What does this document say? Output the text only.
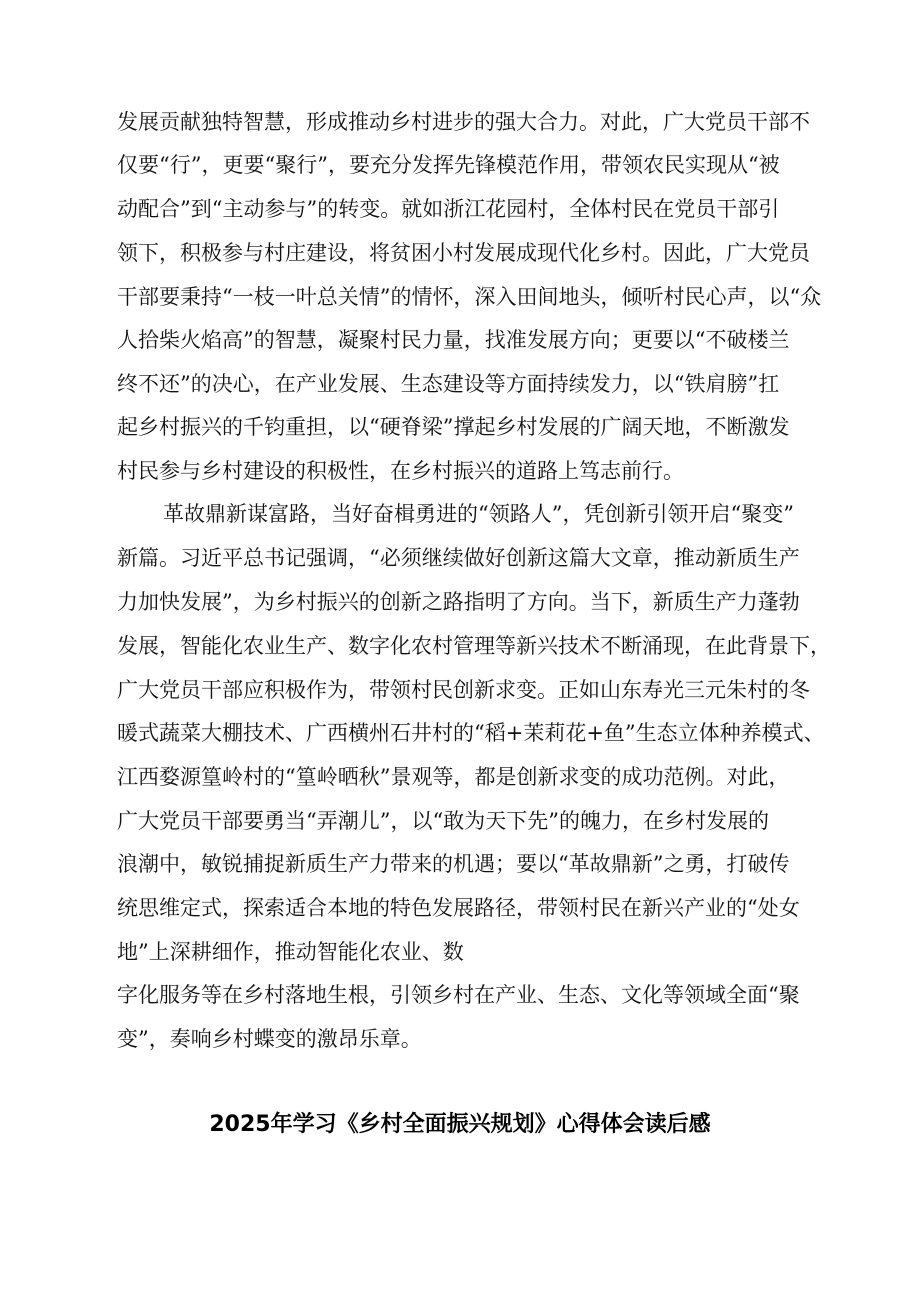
发展贡献独特智慧，形成推动乡村进步的强大合力。对此，广大党员干部不
仅要“行”，更要“聚行”，要充分发挥先锋模范作用，带领农民实现从“被
动配合”到“主动参与”的转变。就如浙江花园村，全体村民在党员干部引
领下，积极参与村庄建设，将贫困小村发展成现代化乡村。因此，广大党员
干部要秉持“一枝一叶总关情”的情怀，深入田间地头，倾听村民心声，以“众
人拾柴火焰高”的智慧，凝聚村民力量，找准发展方向；更要以“不破楼兰
终不还”的决心，在产业发展、生态建设等方面持续发力，以“铁肩膀”扛
起乡村振兴的千钧重担，以“硬脊梁”撑起乡村发展的广阔天地，不断激发
村民参与乡村建设的积极性，在乡村振兴的道路上笃志前行。
革故鼎新谋富路，当好奋楫勇进的“领路人”，凭创新引领开启“聚变”
新篇。习近平总书记强调，“必须继续做好创新这篇大文章，推动新质生产
力加快发展”，为乡村振兴的创新之路指明了方向。当下，新质生产力蓬勃
发展，智能化农业生产、数字化农村管理等新兴技术不断涌现，在此背景下，
广大党员干部应积极作为，带领村民创新求变。正如山东寿光三元朱村的冬
暖式蔬菜大棚技术、广西横州石井村的“稻+茉莉花+鱼”生态立体种养模式、
江西婺源篁岭村的“篁岭晒秋”景观等，都是创新求变的成功范例。对此，
广大党员干部要勇当“弄潮儿”，以“敢为天下先”的魄力，在乡村发展的
浪潮中，敏锐捕捉新质生产力带来的机遇；要以“革故鼎新”之勇，打破传
统思维定式，探索适合本地的特色发展路径，带领村民在新兴产业的“处女
地”上深耕细作，推动智能化农业、数
字化服务等在乡村落地生根，引领乡村在产业、生态、文化等领域全面“聚
变”，奏响乡村蝶变的激昂乐章。
2025年学习《乡村全面振兴规划》心得体会读后感
